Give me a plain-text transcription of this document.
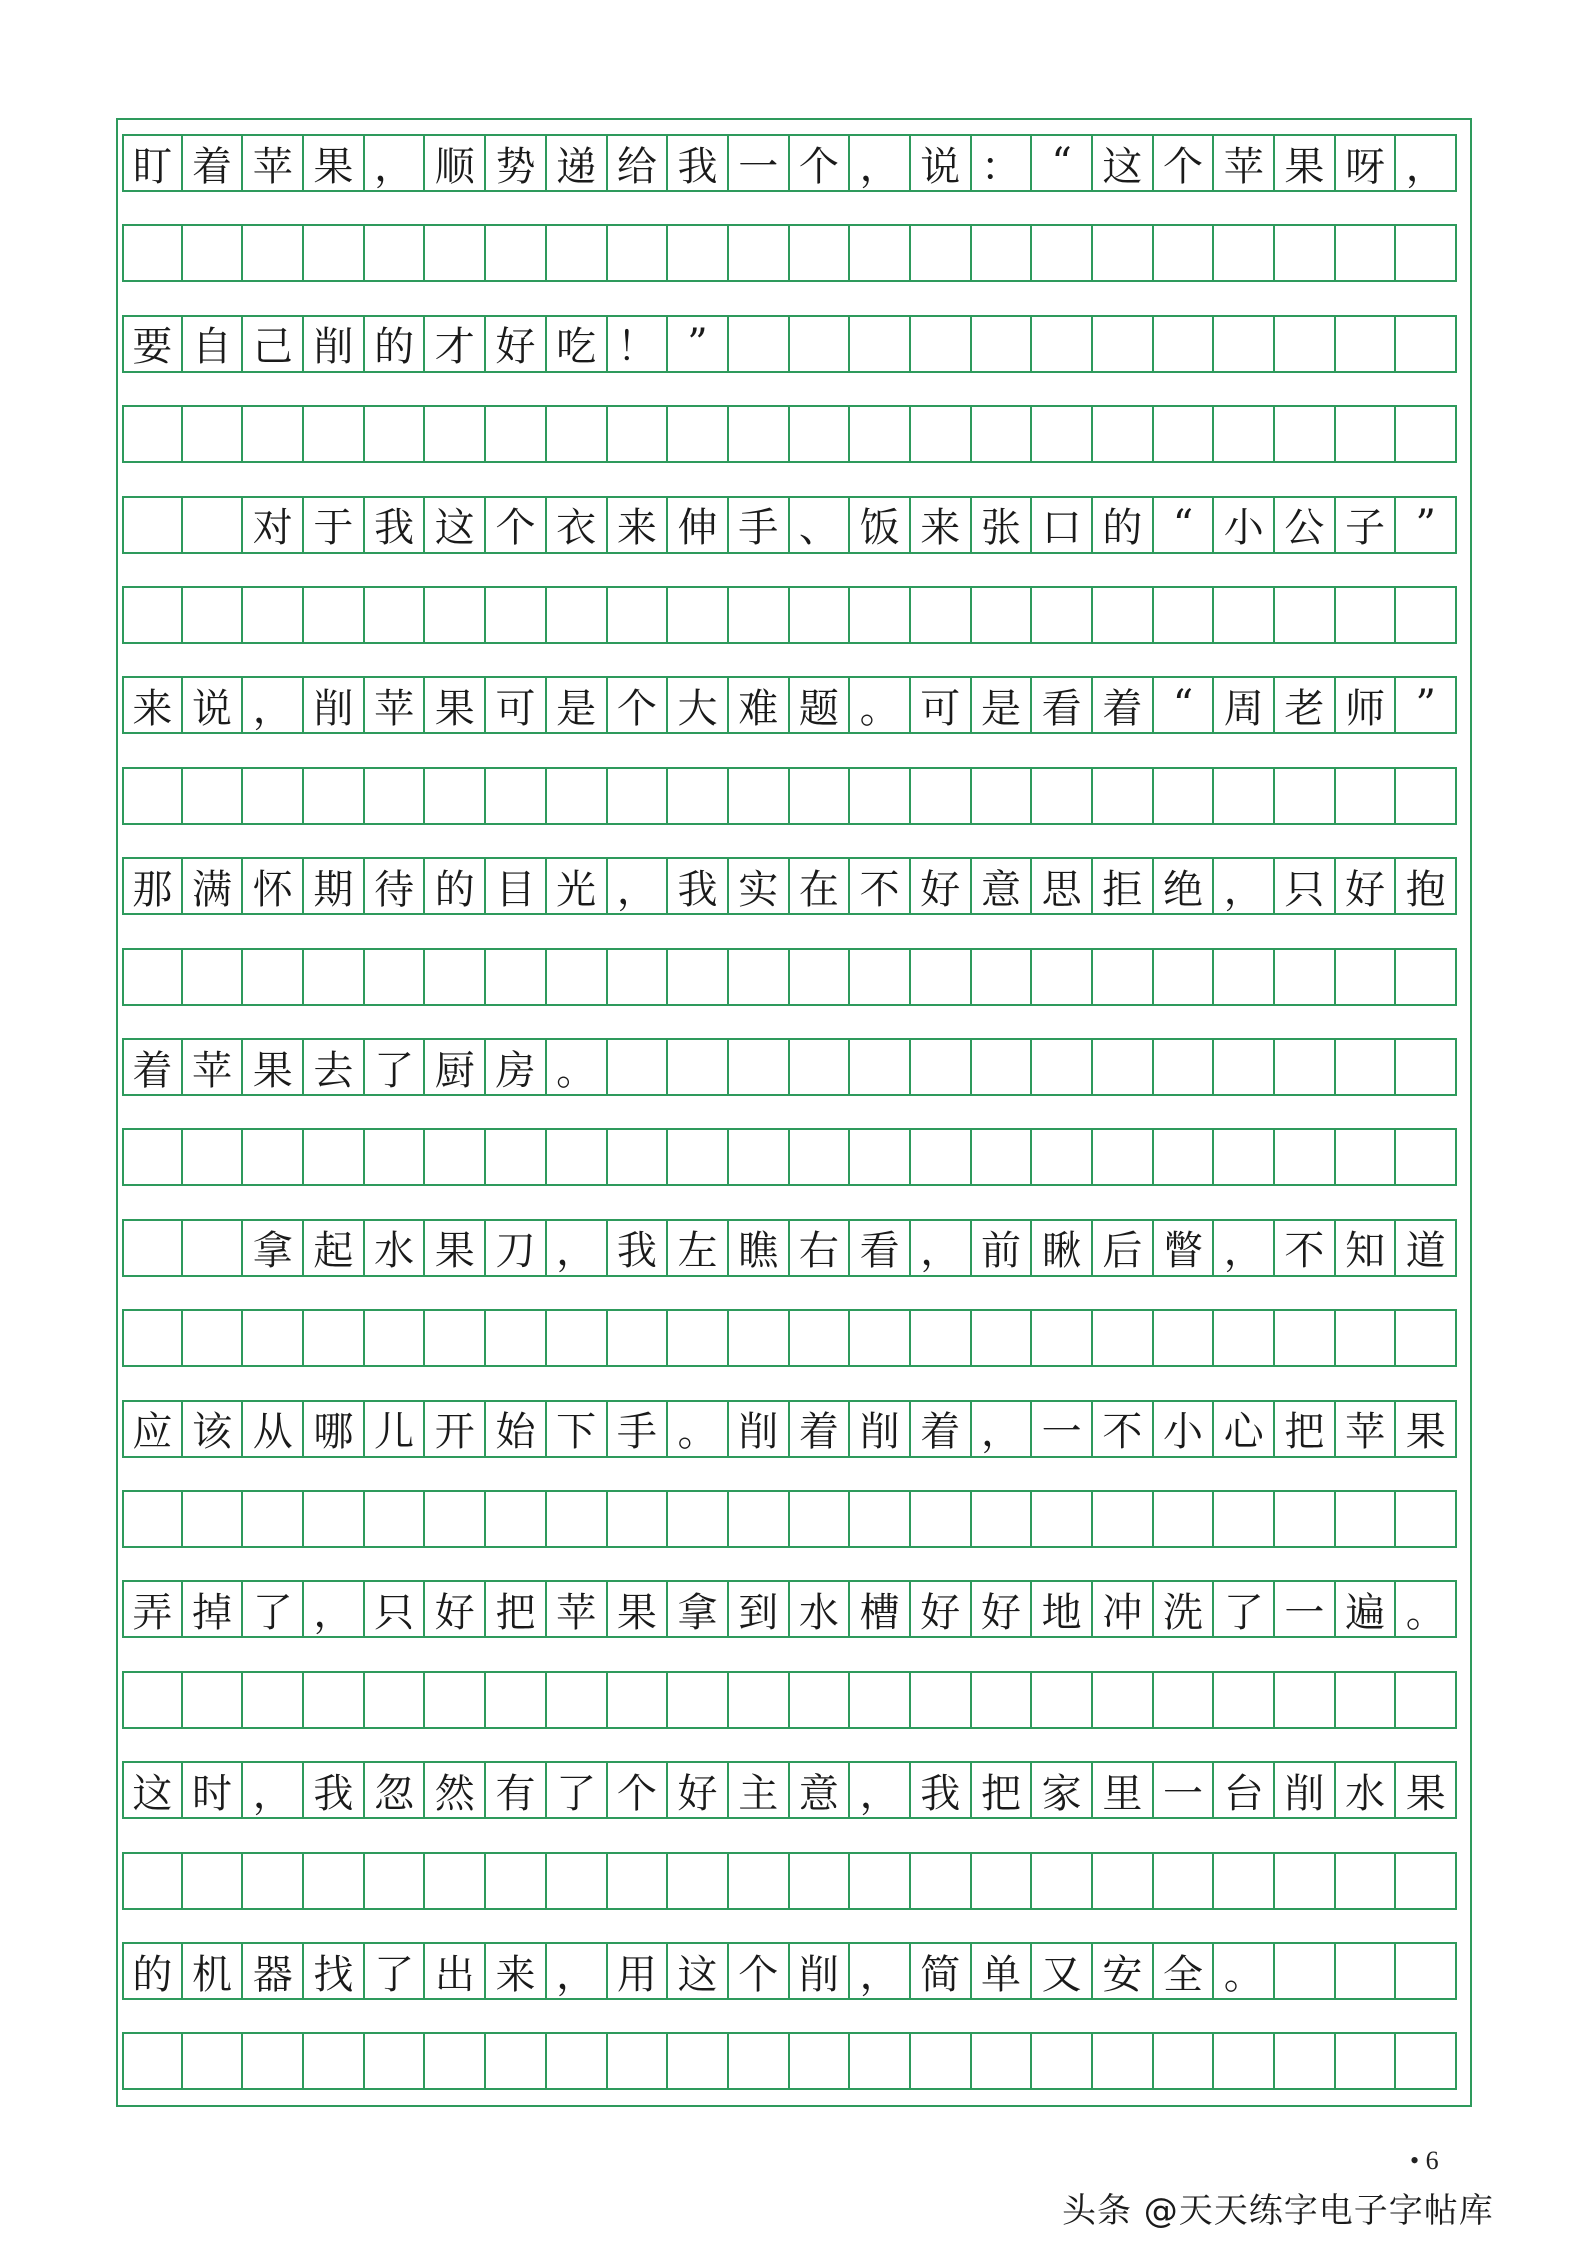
盯 着 苹 果 ， 顺 势 递 给 我 一 个 ， 说 ： “ 这 个 苹 果 呀 ，
要 自 己 削 的 才 好 吃 ！ ”
对 于 我 这 个 衣 来 伸 手 、 饭 来 张 口 的 “ 小 公 子 ”
来 说 ， 削 苹 果 可 是 个 大 难 题 。 可 是 看 着 “ 周 老 师 ”
那 满 怀 期 待 的 目 光 ， 我 实 在 不 好 意 思 拒 绝 ， 只 好 抱
着 苹 果 去 了 厨 房 。
拿 起 水 果 刀 ， 我 左 瞧 右 看 ， 前 瞅 后 瞥 ， 不 知 道
应 该 从 哪 儿 开 始 下 手 。 削 着 削 着 ， 一 不 小 心 把 苹 果
弄 掉 了 ， 只 好 把 苹 果 拿 到 水 槽 好 好 地 冲 洗 了 一 遍 。
这 时 ， 我 忽 然 有 了 个 好 主 意 ， 我 把 家 里 一 台 削 水 果
的 机 器 找 了 出 来 ， 用 这 个 削 ， 简 单 又 安 全 。
• 6
头条 @天天练字电子字帖库
